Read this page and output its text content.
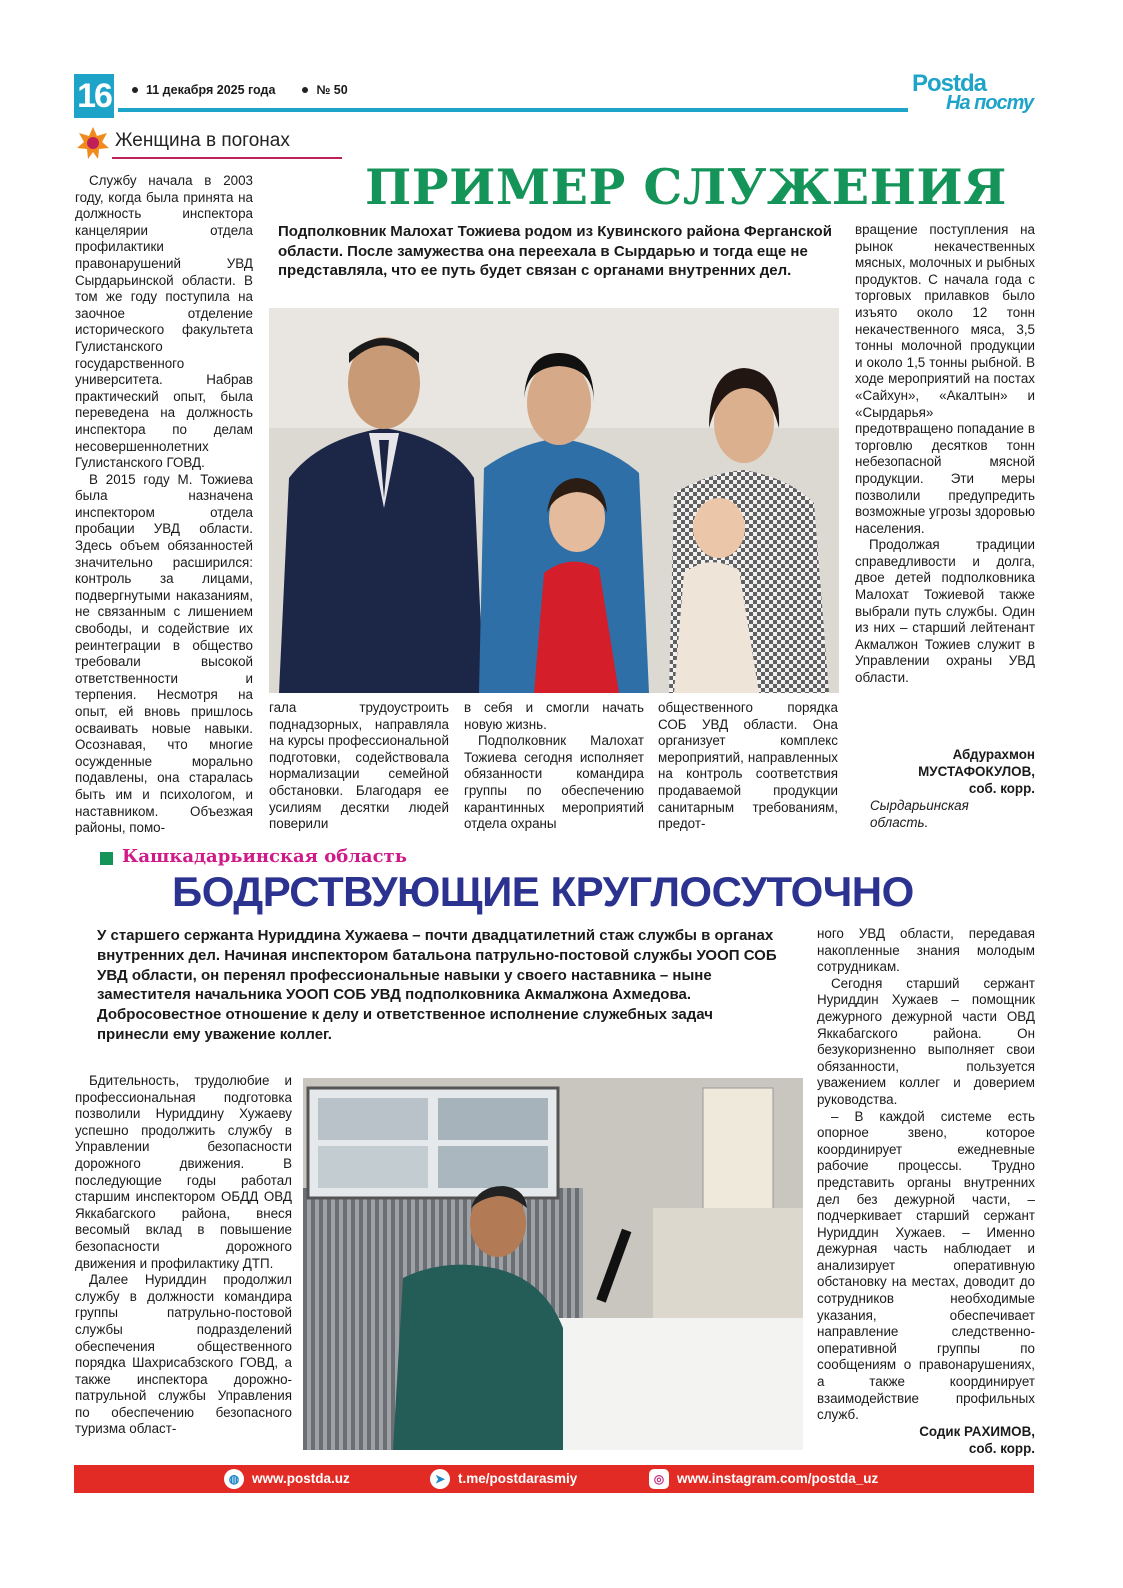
16	11 декабря 2025 года	№ 50	Postda
На посту
Женщина в погонах
ПРИМЕР СЛУЖЕНИЯ
Подполковник Малохат Тожиева родом из Кувинского района Ферганской области. После замужества она переехала в Сырдарью и тогда еще не представляла, что ее путь будет связан с органами внутренних дел.

Службу начала в 2003 году, когда была принята на должность инспектора канцелярии отдела профилактики правонарушений УВД Сырдарьинской области. В том же году поступила на заочное отделение исторического факультета Гулистанского государственного университета. Набрав практический опыт, была переведена на должность инспектора по делам несовершеннолетних Гулистанского ГОВД.

В 2015 году М. Тожиева была назначена инспектором отдела пробации УВД области. Здесь объем обязанностей значительно расширился: контроль за лицами, подвергнутыми наказаниям, не связанным с лишением свободы, и содействие их реинтеграции в общество требовали высокой ответственности и терпения. Несмотря на опыт, ей вновь пришлось осваивать новые навыки. Осознавая, что многие осужденные морально подавлены, она старалась быть им и психологом, и наставником. Объезжая районы, помо-

гала трудоустроить поднадзорных, направляла на курсы профессиональной подготовки, содействовала нормализации семейной обстановки. Благодаря ее усилиям десятки людей поверили

в себя и смогли начать новую жизнь.

Подполковник Малохат Тожиева сегодня исполняет обязанности командира группы по обеспечению карантинных мероприятий отдела охраны

общественного порядка СОБ УВД области. Она организует комплекс мероприятий, направленных на контроль соответствия продаваемой продукции санитарным требованиям, предот-

вращение поступления на рынок некачественных мясных, молочных и рыбных продуктов. С начала года с торговых прилавков было изъято около 12 тонн некачественного мяса, 3,5 тонны молочной продукции и около 1,5 тонны рыбной. В ходе мероприятий на постах «Сайхун», «Акалтын» и «Сырдарья» предотвращено попадание в торговлю десятков тонн небезопасной мясной продукции. Эти меры позволили предупредить возможные угрозы здоровью населения.

Продолжая традиции справедливости и долга, двое детей подполковника Малохат Тожиевой также выбрали путь службы. Один из них – старший лейтенант Акмалжон Тожиев служит в Управлении охраны УВД области.

Абдурахмон МУСТАФОКУЛОВ,
соб. корр.
Сырдарьинская область.
Кашкадарьинская область
БОДРСТВУЮЩИЕ КРУГЛОСУТОЧНО
У старшего сержанта Нуриддина Хужаева – почти двадцатилетний стаж службы в органах внутренних дел. Начиная инспектором батальона патрульно-постовой службы УООП СОБ УВД области, он перенял профессиональные навыки у своего наставника – ныне заместителя начальника УООП СОБ УВД подполковника Акмалжона Ахмедова. Добросовестное отношение к делу и ответственное исполнение служебных задач принесли ему уважение коллег.

Бдительность, трудолюбие и профессиональная подготовка позволили Нуриддину Хужаеву успешно продолжить службу в Управлении безопасности дорожного движения. В последующие годы работал старшим инспектором ОБДД ОВД Яккабагского района, внеся весомый вклад в повышение безопасности дорожного движения и профилактику ДТП.

Далее Нуриддин продолжил службу в должности командира группы патрульно-постовой службы подразделений обеспечения общественного порядка Шахрисабзского ГОВД, а также инспектора дорожно-патрульной службы Управления по обеспечению безопасного туризма област-

ного УВД области, передавая накопленные знания молодым сотрудникам.

Сегодня старший сержант Нуриддин Хужаев – помощник дежурного дежурной части ОВД Яккабагского района. Он безукоризненно выполняет свои обязанности, пользуется уважением коллег и доверием руководства.

– В каждой системе есть опорное звено, которое координирует ежедневные рабочие процессы. Трудно представить органы внутренних дел без дежурной части, – подчеркивает старший сержант Нуриддин Хужаев. – Именно дежурная часть наблюдает и анализирует оперативную обстановку на местах, доводит до сотрудников необходимые указания, обеспечивает направление следственно-оперативной группы по сообщениям о правонарушениях, а также координирует взаимодействие профильных служб.

Содик РАХИМОВ,
соб. корр.
◍ www.postda.uz	➤ t.me/postdarasmiy	◎ www.instagram.com/postda_uz
